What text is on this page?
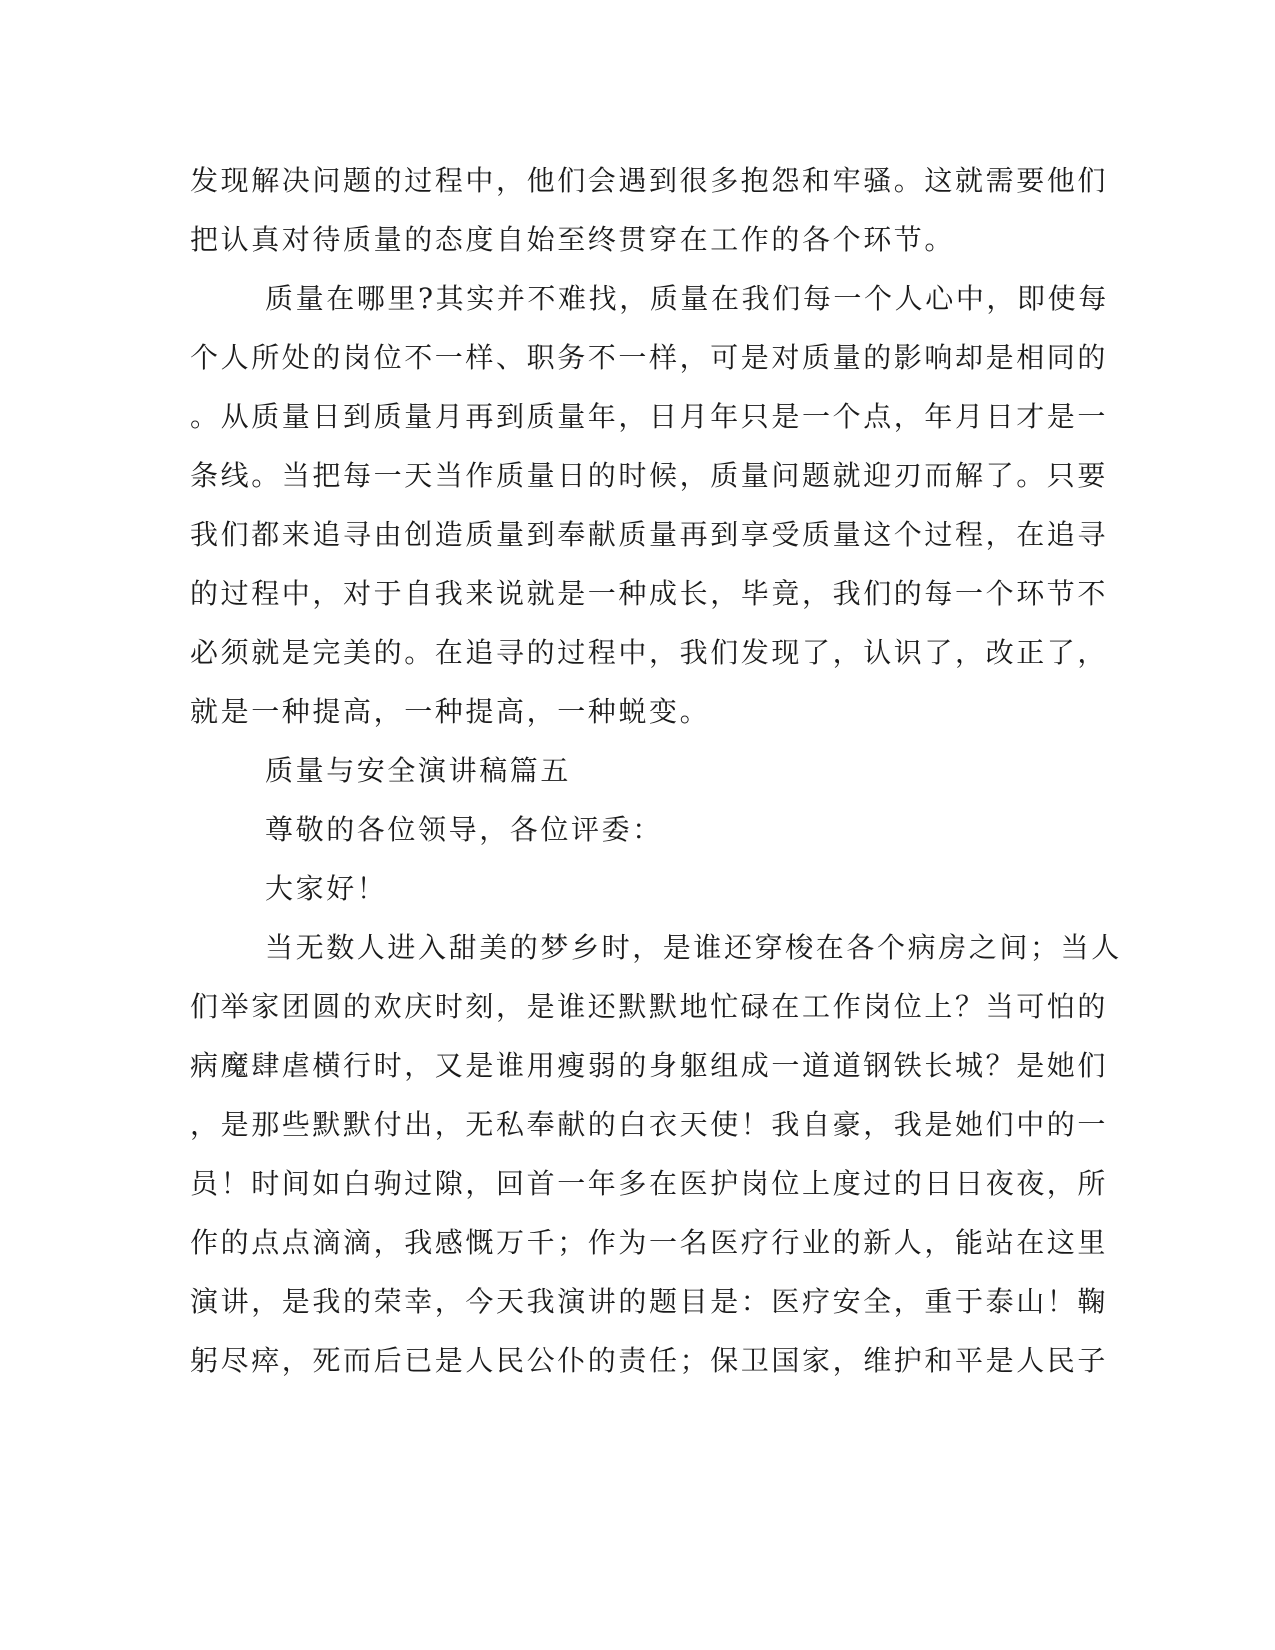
发现解决问题的过程中，他们会遇到很多抱怨和牢骚。这就需要他们
把认真对待质量的态度自始至终贯穿在工作的各个环节。
质量在哪里?其实并不难找，质量在我们每一个人心中，即使每
个人所处的岗位不一样、职务不一样，可是对质量的影响却是相同的
。从质量日到质量月再到质量年，日月年只是一个点，年月日才是一
条线。当把每一天当作质量日的时候，质量问题就迎刃而解了。只要
我们都来追寻由创造质量到奉献质量再到享受质量这个过程，在追寻
的过程中，对于自我来说就是一种成长，毕竟，我们的每一个环节不
必须就是完美的。在追寻的过程中，我们发现了，认识了，改正了，
就是一种提高，一种提高，一种蜕变。
质量与安全演讲稿篇五
尊敬的各位领导，各位评委：
大家好！
当无数人进入甜美的梦乡时，是谁还穿梭在各个病房之间；当人
们举家团圆的欢庆时刻，是谁还默默地忙碌在工作岗位上？当可怕的
病魔肆虐横行时，又是谁用瘦弱的身躯组成一道道钢铁长城？是她们
，是那些默默付出，无私奉献的白衣天使！我自豪，我是她们中的一
员！时间如白驹过隙，回首一年多在医护岗位上度过的日日夜夜，所
作的点点滴滴，我感慨万千；作为一名医疗行业的新人，能站在这里
演讲，是我的荣幸，今天我演讲的题目是：医疗安全，重于泰山！鞠
躬尽瘁，死而后已是人民公仆的责任；保卫国家，维护和平是人民子
